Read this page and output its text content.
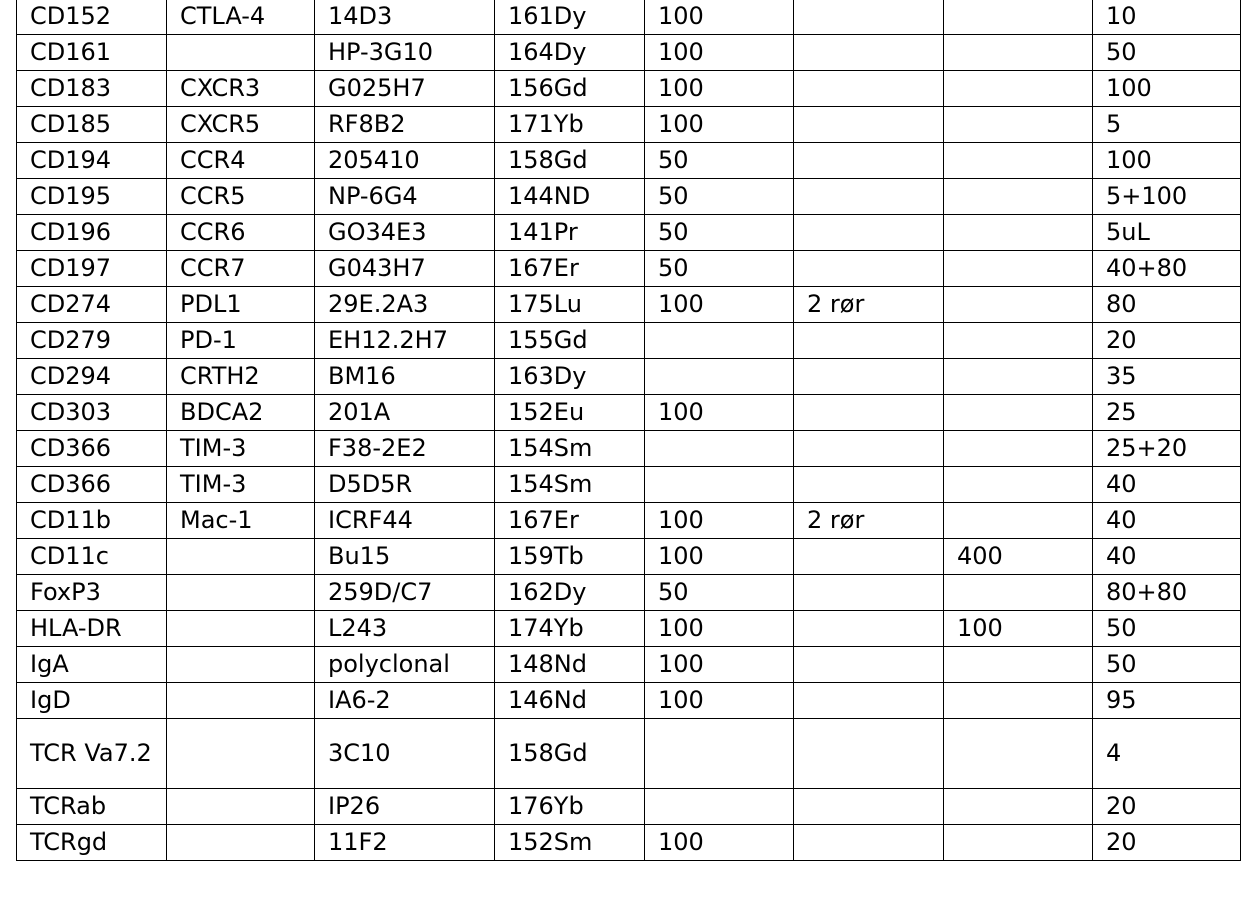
CD152	CTLA-4	14D3	161Dy	100			10
CD161		HP-3G10	164Dy	100			50
CD183	CXCR3	G025H7	156Gd	100			100
CD185	CXCR5	RF8B2	171Yb	100			5
CD194	CCR4	205410	158Gd	50			100
CD195	CCR5	NP-6G4	144ND	50			5+100
CD196	CCR6	GO34E3	141Pr	50			5uL
CD197	CCR7	G043H7	167Er	50			40+80
CD274	PDL1	29E.2A3	175Lu	100	2 rør		80
CD279	PD-1	EH12.2H7	155Gd				20
CD294	CRTH2	BM16	163Dy				35
CD303	BDCA2	201A	152Eu	100			25
CD366	TIM-3	F38-2E2	154Sm				25+20
CD366	TIM-3	D5D5R	154Sm				40
CD11b	Mac-1	ICRF44	167Er	100	2 rør		40
CD11c		Bu15	159Tb	100		400	40
FoxP3		259D/C7	162Dy	50			80+80
HLA-DR		L243	174Yb	100		100	50
IgA		polyclonal	148Nd	100			50
IgD		IA6-2	146Nd	100			95
TCR Va7.2		3C10	158Gd				4
TCRab		IP26	176Yb				20
TCRgd		11F2	152Sm	100			20
